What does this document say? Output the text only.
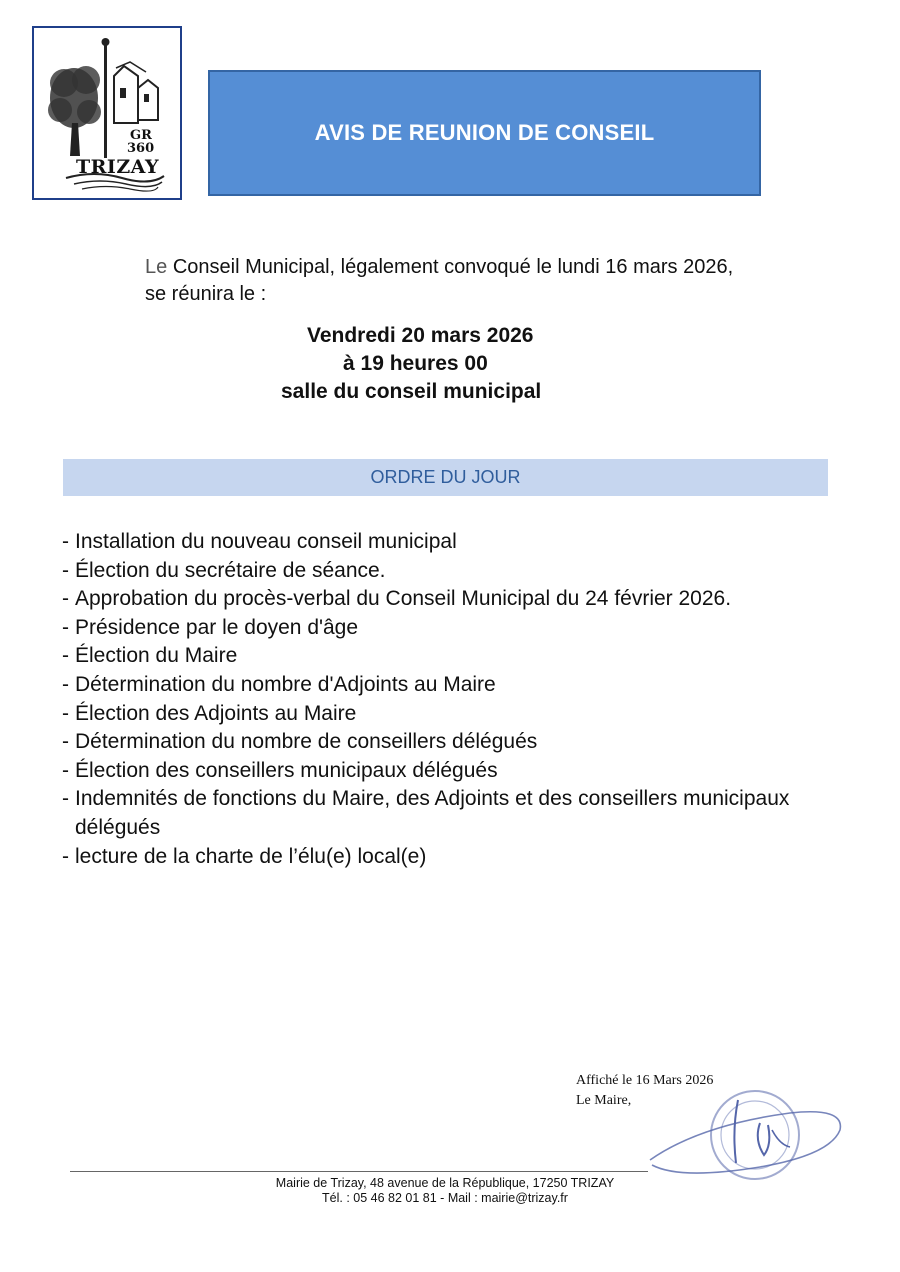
GR
360
TRIZAY
AVIS DE REUNION DE CONSEIL
Le Conseil Municipal, légalement convoqué le lundi 16 mars 2026,
se réunira le :
Vendredi 20 mars 2026
à 19 heures 00
salle du conseil municipal
ORDRE DU JOUR
- Installation du nouveau conseil municipal
- Élection du secrétaire de séance.
- Approbation du procès-verbal du Conseil Municipal du 24 février 2026.
- Présidence par le doyen d'âge
- Élection du Maire
- Détermination du nombre d'Adjoints au Maire
- Élection des Adjoints au Maire
- Détermination du nombre de conseillers délégués
- Élection des conseillers municipaux délégués
- Indemnités de fonctions du Maire, des Adjoints et des conseillers municipaux délégués
- lecture de la charte de l’élu(e) local(e)
Affiché le 16 Mars 2026
Le Maire,
Mairie de Trizay, 48 avenue de la République, 17250 TRIZAY
Tél. : 05 46 82 01 81 - Mail : mairie@trizay.fr
